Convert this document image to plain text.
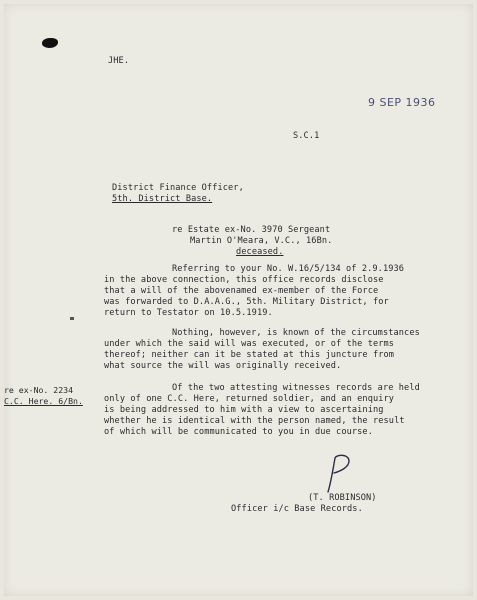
JHE.
9 SEP 1936
S.C.1
District Finance Officer,
5th. District Base.
re Estate ex-No. 3970 Sergeant
Martin O'Meara, V.C., 16Bn.
deceased.
Referring to your No. W.16/5/134 of 2.9.1936
in the above connection, this office records disclose
that a will of the abovenamed ex-member of the Force
was forwarded to D.A.A.G., 5th. Military District, for
return to Testator on 10.5.1919.
Nothing, however, is known of the circumstances
under which the said will was executed, or of the terms
thereof; neither can it be stated at this juncture from
what source the will was originally received.
Of the two attesting witnesses records are held
only of one C.C. Here, returned soldier, and an enquiry
is being addressed to him with a view to ascertaining
whether he is identical with the person named, the result
of which will be communicated to you in due course.
re ex-No. 2234
C.C. Here. 6/Bn.
(T. ROBINSON)
Officer i/c Base Records.
